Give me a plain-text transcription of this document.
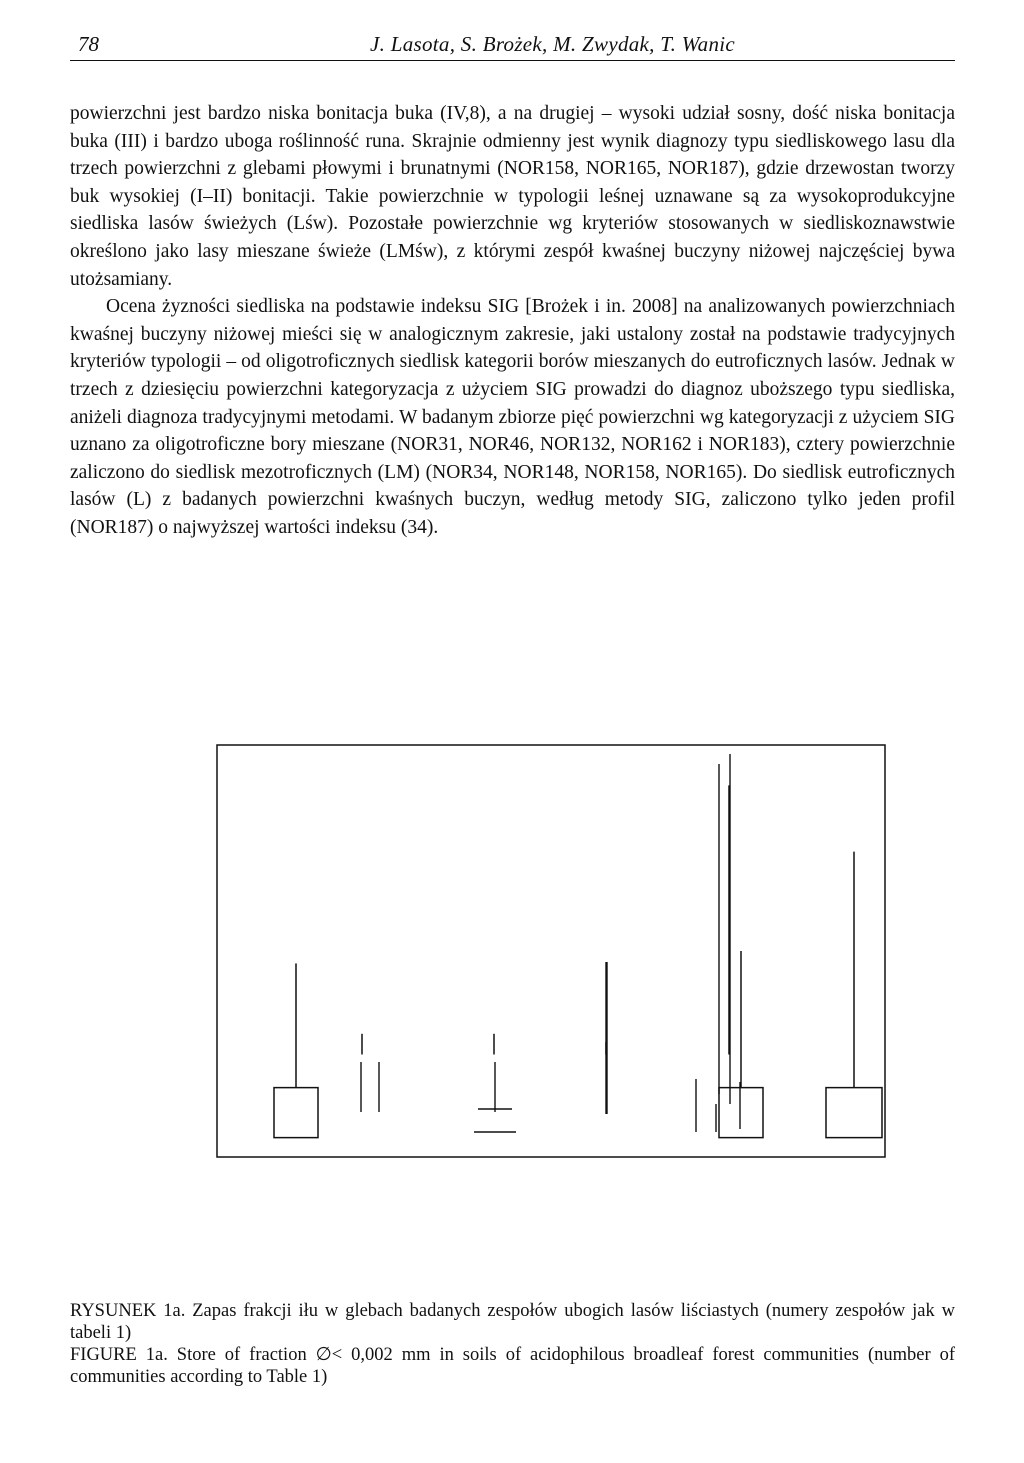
78	J. Lasota, S. Brożek, M. Zwydak, T. Wanic

powierzchni jest bardzo niska bonitacja buka (IV,8), a na drugiej – wysoki udział sosny, dość niska bonitacja buka (III) i bardzo uboga roślinność runa. Skrajnie odmienny jest wynik diagnozy typu siedliskowego lasu dla trzech powierzchni z glebami płowymi i brunatnymi (NOR158, NOR165, NOR187), gdzie drzewostan tworzy buk wysokiej (I–II) bonitacji. Takie powierzchnie w typologii leśnej uznawane są za wysokoprodukcyjne siedliska lasów świeżych (Lśw). Pozostałe powierzchnie wg kryteriów stosowanych w siedliskoznawstwie określono jako lasy mieszane świeże (LMśw), z którymi zespół kwaśnej buczyny niżowej najczęściej bywa utożsamiany.

Ocena żyzności siedliska na podstawie indeksu SIG [Brożek i in. 2008] na analizowanych powierzchniach kwaśnej buczyny niżowej mieści się w analogicznym zakresie, jaki ustalony został na podstawie tradycyjnych kryteriów typologii – od oligotroficznych siedlisk kategorii borów mieszanych do eutroficznych lasów. Jednak w trzech z dziesięciu powierzchni kategoryzacja z użyciem SIG prowadzi do diagnoz uboższego typu siedliska, aniżeli diagnoza tradycyjnymi metodami. W badanym zbiorze pięć powierzchni wg kategoryzacji z użyciem SIG uznano za oligotroficzne bory mieszane (NOR31, NOR46, NOR132, NOR162 i NOR183), cztery powierzchnie zaliczono do siedlisk mezotroficznych (LM) (NOR34, NOR148, NOR158, NOR165). Do siedlisk eutroficznych lasów (L) z badanych powierzchni kwaśnych buczyn, według metody SIG, zaliczono tylko jeden profil (NOR187) o najwyższej wartości indeksu (34).

RYSUNEK 1a. Zapas frakcji iłu w glebach badanych zespołów ubogich lasów liściastych (numery zespołów jak w tabeli 1)

FIGURE 1a. Store of fraction ∅< 0,002 mm in soils of acidophilous broadleaf forest communities (number of communities according to Table 1)
